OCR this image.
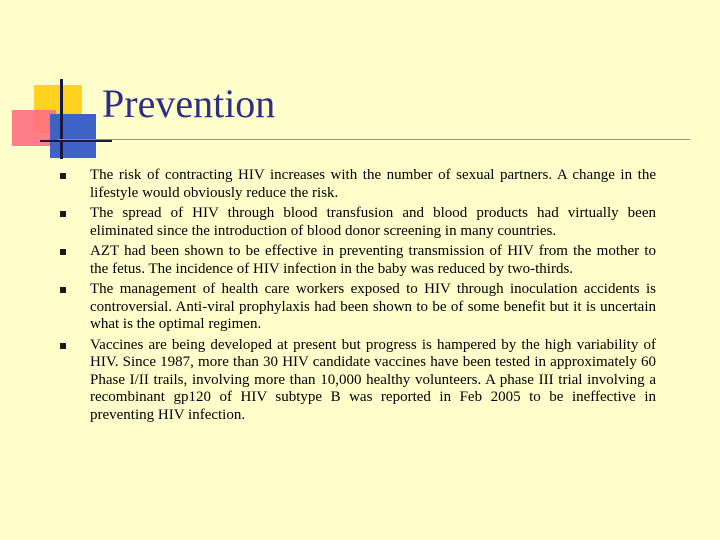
Prevention
The risk of contracting HIV increases with the number of sexual partners. A change in the lifestyle would obviously reduce the risk.
The spread of HIV through blood transfusion and blood products had virtually been eliminated since the introduction of blood donor screening in many countries.
AZT had been shown to be effective in preventing transmission of HIV from the mother to the fetus. The incidence of HIV infection in the baby was reduced by two-thirds.
The management of health care workers exposed to HIV through inoculation accidents is controversial. Anti-viral prophylaxis had been shown to be of some benefit but it is uncertain what is the optimal regimen.
Vaccines are being developed at present but progress is hampered by the high variability of HIV. Since 1987, more than 30 HIV candidate vaccines have been tested in approximately 60 Phase I/II trails, involving more than 10,000 healthy volunteers. A phase III trial involving a recombinant gp120 of HIV subtype B was reported in Feb 2005 to be ineffective in preventing HIV infection.
